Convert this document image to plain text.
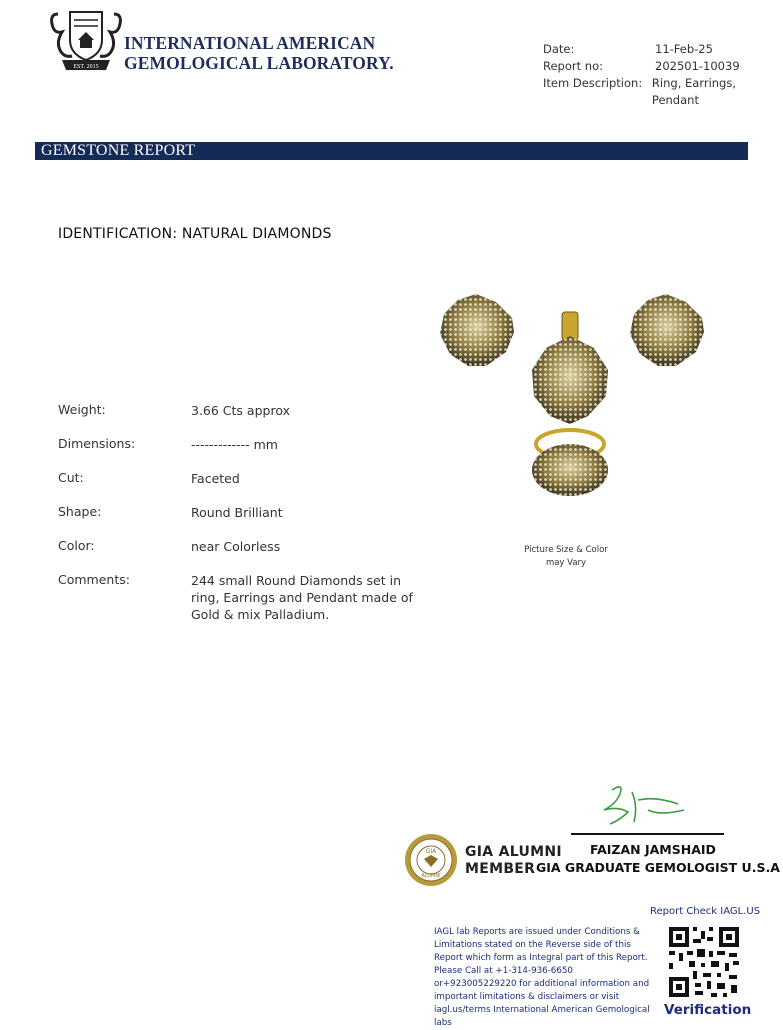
EST. 2015
INTERNATIONAL AMERICAN
GEMOLOGICAL LABORATORY.
Date:	11-Feb-25
Report no:	202501-10039
Item Description: Ring, Earrings, Pendant
GEMSTONE REPORT
IDENTIFICATION: NATURAL DIAMONDS
Picture Size & Color may Vary
Weight:	3.66 Cts approx
Dimensions:	------------- mm
Cut:	Faceted
Shape:	Round Brilliant
Color:	near Colorless
Comments:	244 small Round Diamonds set in ring, Earrings and Pendant made of Gold & mix Palladium.
FAIZAN JAMSHAID
GIA GRADUATE GEMOLOGIST U.S.A
GIA
ALUMNI
GIA ALUMNI
MEMBER
IAGL lab Reports are issued under Conditions & Limitations stated on the Reverse side of this Report which form as Integral part of this Report. Please Call at +1-314-936-6650 or+923005229220 for additional information and important limitations & disclaimers or visit iagl.us/terms International American Gemological labs
Report Check IAGL.US
Verification
